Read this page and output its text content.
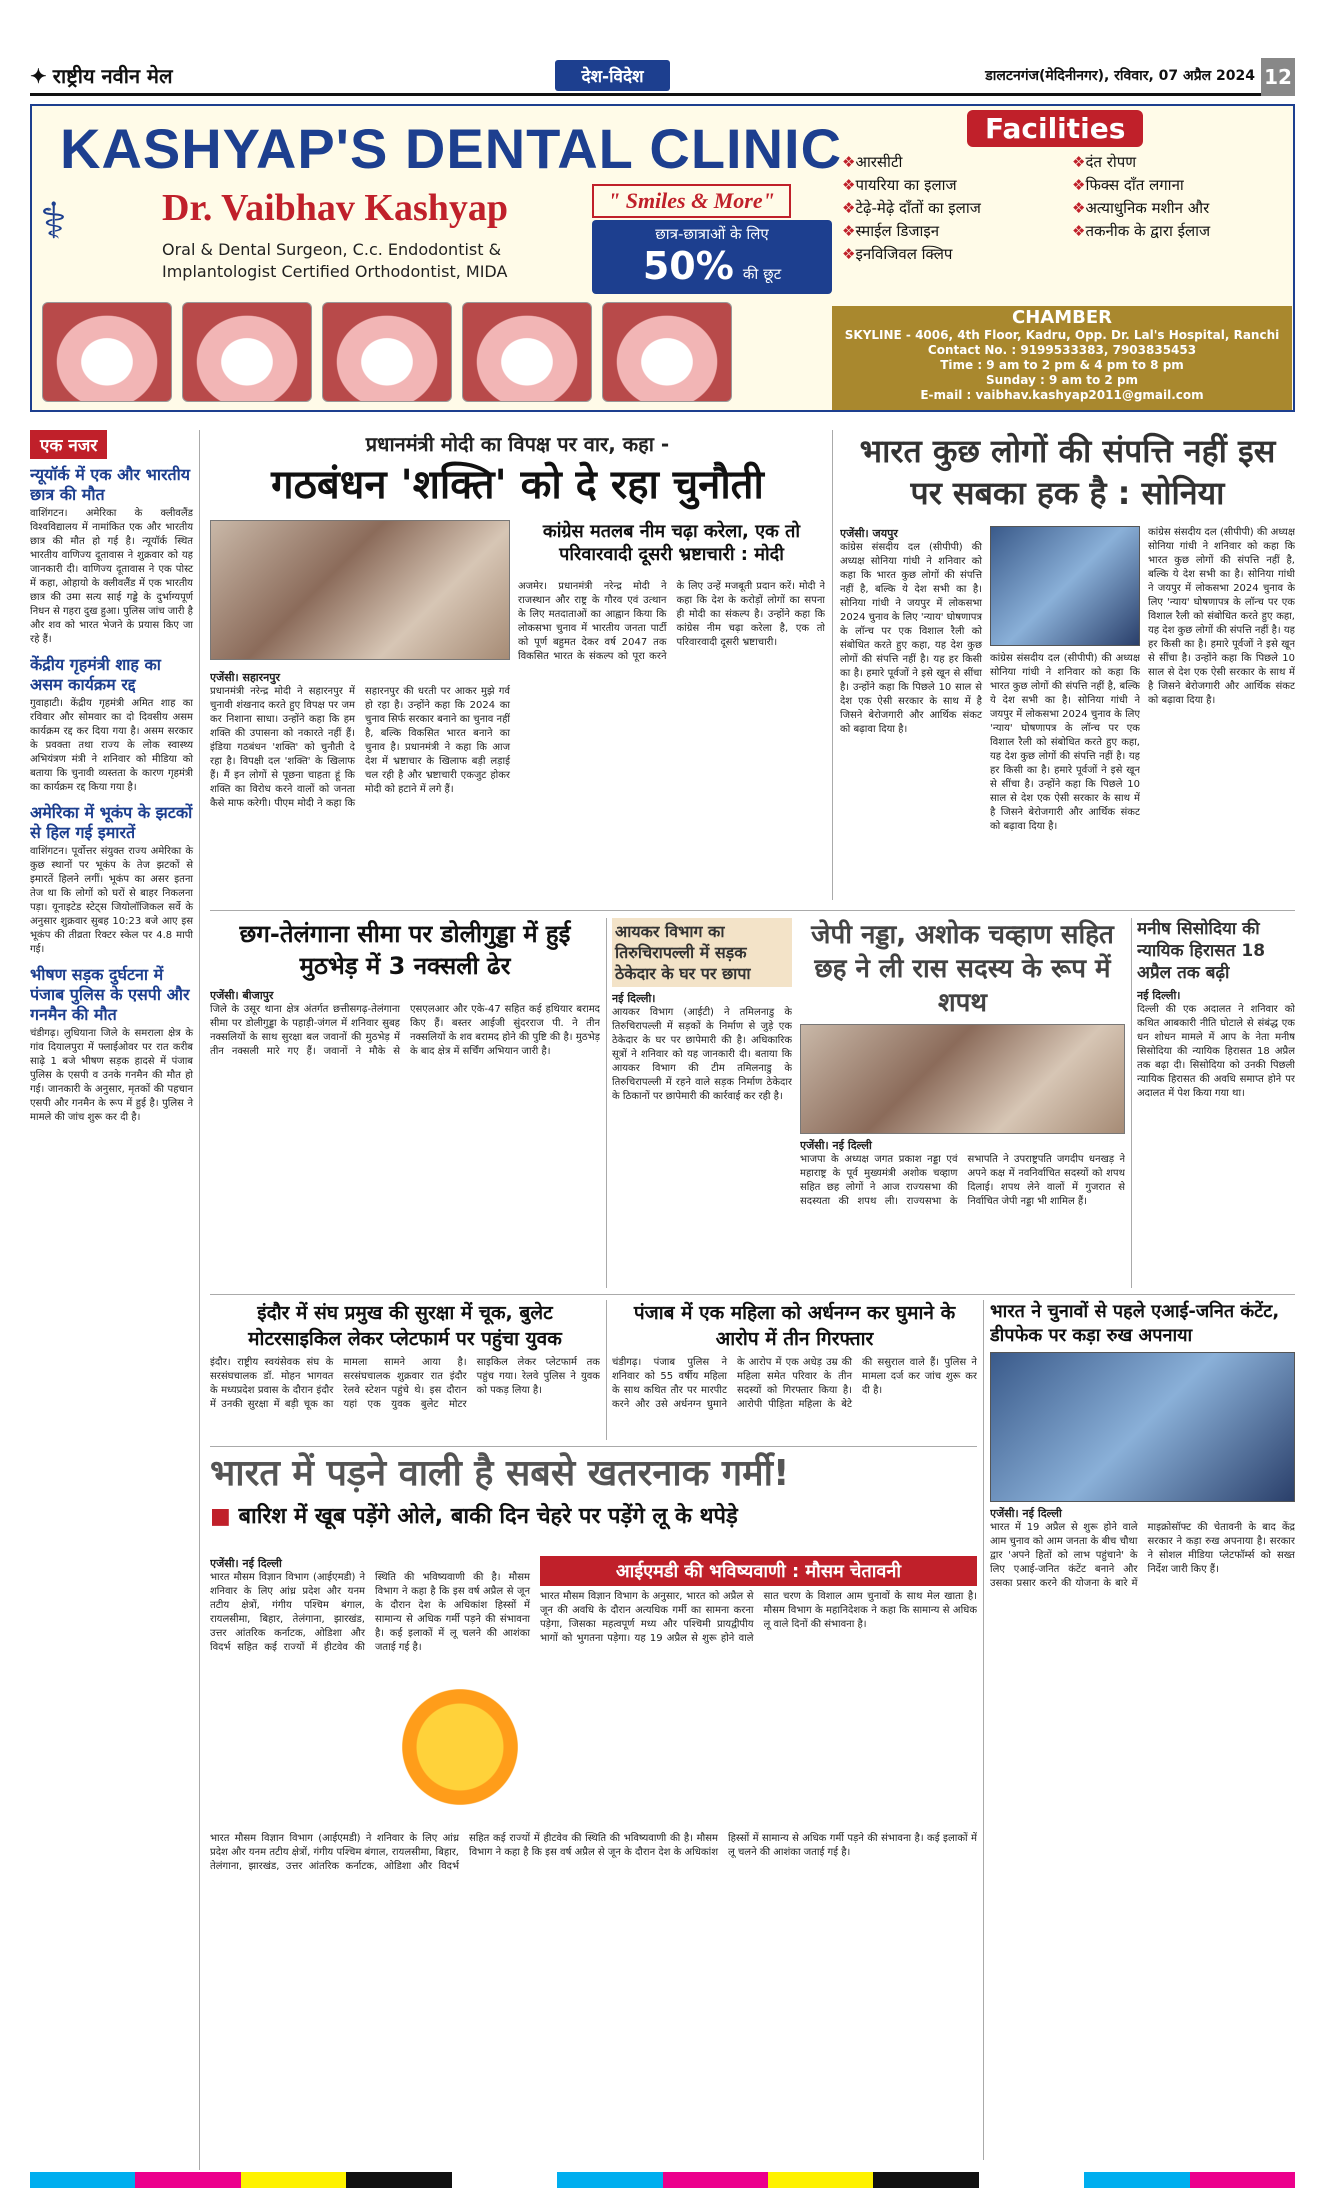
✦ राष्ट्रीय नवीन मेल	देश-विदेश	डालटनगंज(मेदिनीनगर), रविवार, 07 अप्रैल 2024 12
KASHYAP'S DENTAL CLINIC
⚕ Dr. Vaibhav Kashyap
Oral & Dental Surgeon, C.c. Endodontist &
Implantologist Certified Orthodontist, MIDA
" Smiles & More"
छात्र-छात्राओं के लिए
50% की छूट
Facilities
❖ आरसीटी	❖ दंत रोपण
❖ पायरिया का इलाज	❖ फिक्स दाँत लगाना
❖ टेढ़े-मेढ़े दाँतों का इलाज	❖ अत्याधुनिक मशीन और
❖ स्माईल डिजाइन	❖ तकनीक के द्वारा ईलाज
❖ इनविजिवल क्लिप
CHAMBER
SKYLINE - 4006, 4th Floor, Kadru, Opp. Dr. Lal's Hospital, Ranchi
Contact No. : 9199533383, 7903835453
Time : 9 am to 2 pm & 4 pm to 8 pm
Sunday : 9 am to 2 pm
E-mail : vaibhav.kashyap2011@gmail.com
एक नजर
न्यूयॉर्क में एक और भारतीय छात्र की मौत
वाशिंगटन। अमेरिका के क्लीवलैंड विश्वविद्यालय में नामांकित एक और भारतीय छात्र की मौत हो गई है। न्यूयॉर्क स्थित भारतीय वाणिज्य दूतावास ने शुक्रवार को यह जानकारी दी। वाणिज्य दूतावास ने एक पोस्ट में कहा, ओहायो के क्लीवलैंड में एक भारतीय छात्र की उमा सत्य साई गड्डे के दुर्भाग्यपूर्ण निधन से गहरा दुख हुआ। पुलिस जांच जारी है और शव को भारत भेजने के प्रयास किए जा रहे हैं।
केंद्रीय गृहमंत्री शाह का असम कार्यक्रम रद्द
गुवाहाटी। केंद्रीय गृहमंत्री अमित शाह का रविवार और सोमवार का दो दिवसीय असम कार्यक्रम रद्द कर दिया गया है। असम सरकार के प्रवक्ता तथा राज्य के लोक स्वास्थ्य अभियंत्रण मंत्री ने शनिवार को मीडिया को बताया कि चुनावी व्यस्तता के कारण गृहमंत्री का कार्यक्रम रद्द किया गया है।
अमेरिका में भूकंप के झटकों से हिल गई इमारतें
वाशिंगटन। पूर्वोत्तर संयुक्त राज्य अमेरिका के कुछ स्थानों पर भूकंप के तेज झटकों से इमारतें हिलने लगीं। भूकंप का असर इतना तेज था कि लोगों को घरों से बाहर निकलना पड़ा। यूनाइटेड स्टेट्स जियोलॉजिकल सर्वे के अनुसार शुक्रवार सुबह 10:23 बजे आए इस भूकंप की तीव्रता रिक्टर स्केल पर 4.8 मापी गई।
भीषण सड़क दुर्घटना में पंजाब पुलिस के एसपी और गनमैन की मौत
चंडीगढ़। लुधियाना जिले के समराला क्षेत्र के गांव दियालपुरा में फ्लाईओवर पर रात करीब साढ़े 1 बजे भीषण सड़क हादसे में पंजाब पुलिस के एसपी व उनके गनमैन की मौत हो गई। जानकारी के अनुसार, मृतकों की पहचान एसपी और गनमैन के रूप में हुई है। पुलिस ने मामले की जांच शुरू कर दी है।
प्रधानमंत्री मोदी का विपक्ष पर वार, कहा -
गठबंधन 'शक्ति' को दे रहा चुनौती
कांग्रेस मतलब नीम चढ़ा करेला, एक तो परिवारवादी दूसरी भ्रष्टाचारी : मोदी
एजेंसी। सहारनपुर
प्रधानमंत्री नरेन्द्र मोदी ने सहारनपुर में चुनावी शंखनाद करते हुए विपक्ष पर जम कर निशाना साधा। उन्होंने कहा कि हम शक्ति की उपासना को नकारते नहीं हैं। इंडिया गठबंधन 'शक्ति' को चुनौती दे रहा है। विपक्षी दल 'शक्ति' के खिलाफ हैं। मैं इन लोगों से पूछना चाहता हूं कि शक्ति का विरोध करने वालों को जनता कैसे माफ करेगी। पीएम मोदी ने कहा कि सहारनपुर की धरती पर आकर मुझे गर्व हो रहा है। उन्होंने कहा कि 2024 का चुनाव सिर्फ सरकार बनाने का चुनाव नहीं है, बल्कि विकसित भारत बनाने का चुनाव है। प्रधानमंत्री ने कहा कि आज देश में भ्रष्टाचार के खिलाफ बड़ी लड़ाई चल रही है और भ्रष्टाचारी एकजुट होकर मोदी को हटाने में लगे हैं।
अजमेर। प्रधानमंत्री नरेन्द्र मोदी ने राजस्थान और राष्ट्र के गौरव एवं उत्थान के लिए मतदाताओं का आह्वान किया कि लोकसभा चुनाव में भारतीय जनता पार्टी को पूर्ण बहुमत देकर वर्ष 2047 तक विकसित भारत के संकल्प को पूरा करने के लिए उन्हें मजबूती प्रदान करें। मोदी ने कहा कि देश के करोड़ों लोगों का सपना ही मोदी का संकल्प है। उन्होंने कहा कि कांग्रेस नीम चढ़ा करेला है, एक तो परिवारवादी दूसरी भ्रष्टाचारी।
भारत कुछ लोगों की संपत्ति नहीं इस पर सबका हक है : सोनिया
एजेंसी। जयपुर
कांग्रेस संसदीय दल (सीपीपी) की अध्यक्ष सोनिया गांधी ने शनिवार को कहा कि भारत कुछ लोगों की संपत्ति नहीं है, बल्कि ये देश सभी का है। सोनिया गांधी ने जयपुर में लोकसभा 2024 चुनाव के लिए 'न्याय' घोषणापत्र के लॉन्च पर एक विशाल रैली को संबोधित करते हुए कहा, यह देश कुछ लोगों की संपत्ति नहीं है। यह हर किसी का है। हमारे पूर्वजों ने इसे खून से सींचा है। उन्होंने कहा कि पिछले 10 साल से देश एक ऐसी सरकार के साथ में है जिसने बेरोजगारी और आर्थिक संकट को बढ़ावा दिया है।
कांग्रेस संसदीय दल (सीपीपी) की अध्यक्ष सोनिया गांधी ने शनिवार को कहा कि भारत कुछ लोगों की संपत्ति नहीं है, बल्कि ये देश सभी का है। सोनिया गांधी ने जयपुर में लोकसभा 2024 चुनाव के लिए 'न्याय' घोषणापत्र के लॉन्च पर एक विशाल रैली को संबोधित करते हुए कहा, यह देश कुछ लोगों की संपत्ति नहीं है। यह हर किसी का है। हमारे पूर्वजों ने इसे खून से सींचा है। उन्होंने कहा कि पिछले 10 साल से देश एक ऐसी सरकार के साथ में है जिसने बेरोजगारी और आर्थिक संकट को बढ़ावा दिया है।
कांग्रेस संसदीय दल (सीपीपी) की अध्यक्ष सोनिया गांधी ने शनिवार को कहा कि भारत कुछ लोगों की संपत्ति नहीं है, बल्कि ये देश सभी का है। सोनिया गांधी ने जयपुर में लोकसभा 2024 चुनाव के लिए 'न्याय' घोषणापत्र के लॉन्च पर एक विशाल रैली को संबोधित करते हुए कहा, यह देश कुछ लोगों की संपत्ति नहीं है। यह हर किसी का है। हमारे पूर्वजों ने इसे खून से सींचा है। उन्होंने कहा कि पिछले 10 साल से देश एक ऐसी सरकार के साथ में है जिसने बेरोजगारी और आर्थिक संकट को बढ़ावा दिया है।
छग-तेलंगाना सीमा पर डोलीगुड्डा में हुई मुठभेड़ में 3 नक्सली ढेर
एजेंसी। बीजापुर
जिले के उसूर थाना क्षेत्र अंतर्गत छत्तीसगढ़-तेलंगाना सीमा पर डोलीगुड्डा के पहाड़ी-जंगल में शनिवार सुबह नक्सलियों के साथ सुरक्षा बल जवानों की मुठभेड़ में तीन नक्सली मारे गए हैं। जवानों ने मौके से एसएलआर और एके-47 सहित कई हथियार बरामद किए हैं। बस्तर आईजी सुंदरराज पी. ने तीन नक्सलियों के शव बरामद होने की पुष्टि की है। मुठभेड़ के बाद क्षेत्र में सर्चिंग अभियान जारी है।
आयकर विभाग का तिरुचिरापल्ली में सड़क ठेकेदार के घर पर छापा
नई दिल्ली।
आयकर विभाग (आईटी) ने तमिलनाडु के तिरुचिरापल्ली में सड़कों के निर्माण से जुड़े एक ठेकेदार के घर पर छापेमारी की है। अधिकारिक सूत्रों ने शनिवार को यह जानकारी दी। बताया कि आयकर विभाग की टीम तमिलनाडु के तिरुचिरापल्ली में रहने वाले सड़क निर्माण ठेकेदार के ठिकानों पर छापेमारी की कार्रवाई कर रही है।
जेपी नड्डा, अशोक चव्हाण सहित छह ने ली रास सदस्य के रूप में शपथ
एजेंसी। नई दिल्ली
भाजपा के अध्यक्ष जगत प्रकाश नड्डा एवं महाराष्ट्र के पूर्व मुख्यमंत्री अशोक चव्हाण सहित छह लोगों ने आज राज्यसभा की सदस्यता की शपथ ली। राज्यसभा के सभापति ने उपराष्ट्रपति जगदीप धनखड़ ने अपने कक्ष में नवनिर्वाचित सदस्यों को शपथ दिलाई। शपथ लेने वालों में गुजरात से निर्वाचित जेपी नड्डा भी शामिल हैं।
मनीष सिसोदिया की न्यायिक हिरासत 18 अप्रैल तक बढ़ी
नई दिल्ली।
दिल्ली की एक अदालत ने शनिवार को कथित आबकारी नीति घोटाले से संबंद्ध एक धन शोधन मामले में आप के नेता मनीष सिसोदिया की न्यायिक हिरासत 18 अप्रैल तक बढ़ा दी। सिसोदिया को उनकी पिछली न्यायिक हिरासत की अवधि समाप्त होने पर अदालत में पेश किया गया था।
इंदौर में संघ प्रमुख की सुरक्षा में चूक, बुलेट मोटरसाइकिल लेकर प्लेटफार्म पर पहुंचा युवक
इंदौर। राष्ट्रीय स्वयंसेवक संघ के सरसंघचालक डॉ. मोहन भागवत के मध्यप्रदेश प्रवास के दौरान इंदौर में उनकी सुरक्षा में बड़ी चूक का मामला सामने आया है। सरसंघचालक शुक्रवार रात इंदौर रेलवे स्टेशन पहुंचे थे। इस दौरान यहां एक युवक बुलेट मोटर साइकिल लेकर प्लेटफार्म तक पहुंच गया। रेलवे पुलिस ने युवक को पकड़ लिया है।
पंजाब में एक महिला को अर्धनग्न कर घुमाने के आरोप में तीन गिरफ्तार
चंडीगढ़। पंजाब पुलिस ने शनिवार को 55 वर्षीय महिला के साथ कथित तौर पर मारपीट करने और उसे अर्धनग्न घुमाने के आरोप में एक अधेड़ उम्र की महिला समेत परिवार के तीन सदस्यों को गिरफ्तार किया है। आरोपी पीड़िता महिला के बेटे की ससुराल वाले हैं। पुलिस ने मामला दर्ज कर जांच शुरू कर दी है।
भारत ने चुनावों से पहले एआई-जनित कंटेंट, डीपफेक पर कड़ा रुख अपनाया
एजेंसी। नई दिल्ली
भारत में 19 अप्रैल से शुरू होने वाले आम चुनाव को आम जनता के बीच चौथा द्वार 'अपने हितों को लाभ पहुंचाने' के लिए एआई-जनित कंटेंट बनाने और उसका प्रसार करने की योजना के बारे में माइक्रोसॉफ्ट की चेतावनी के बाद केंद्र सरकार ने कड़ा रुख अपनाया है। सरकार ने सोशल मीडिया प्लेटफॉर्म्स को सख्त निर्देश जारी किए हैं।
भारत में पड़ने वाली है सबसे खतरनाक गर्मी!
■ बारिश में खूब पड़ेंगे ओले, बाकी दिन चेहरे पर पड़ेंगे लू के थपेड़े
आईएमडी की भविष्यवाणी : मौसम चेतावनी
एजेंसी। नई दिल्ली
भारत मौसम विज्ञान विभाग (आईएमडी) ने शनिवार के लिए आंध्र प्रदेश और यनम तटीय क्षेत्रों, गंगीय पश्चिम बंगाल, रायलसीमा, बिहार, तेलंगाना, झारखंड, उत्तर आंतरिक कर्नाटक, ओडिशा और विदर्भ सहित कई राज्यों में हीटवेव की स्थिति की भविष्यवाणी की है। मौसम विभाग ने कहा है कि इस वर्ष अप्रैल से जून के दौरान देश के अधिकांश हिस्सों में सामान्य से अधिक गर्मी पड़ने की संभावना है। कई इलाकों में लू चलने की आशंका जताई गई है।
भारत मौसम विज्ञान विभाग के अनुसार, भारत को अप्रैल से जून की अवधि के दौरान अत्यधिक गर्मी का सामना करना पड़ेगा, जिसका महत्वपूर्ण मध्य और पश्चिमी प्रायद्वीपीय भागों को भुगतना पड़ेगा। यह 19 अप्रैल से शुरू होने वाले सात चरण के विशाल आम चुनावों के साथ मेल खाता है। मौसम विभाग के महानिदेशक ने कहा कि सामान्य से अधिक लू वाले दिनों की संभावना है।
भारत मौसम विज्ञान विभाग (आईएमडी) ने शनिवार के लिए आंध्र प्रदेश और यनम तटीय क्षेत्रों, गंगीय पश्चिम बंगाल, रायलसीमा, बिहार, तेलंगाना, झारखंड, उत्तर आंतरिक कर्नाटक, ओडिशा और विदर्भ सहित कई राज्यों में हीटवेव की स्थिति की भविष्यवाणी की है। मौसम विभाग ने कहा है कि इस वर्ष अप्रैल से जून के दौरान देश के अधिकांश हिस्सों में सामान्य से अधिक गर्मी पड़ने की संभावना है। कई इलाकों में लू चलने की आशंका जताई गई है।
